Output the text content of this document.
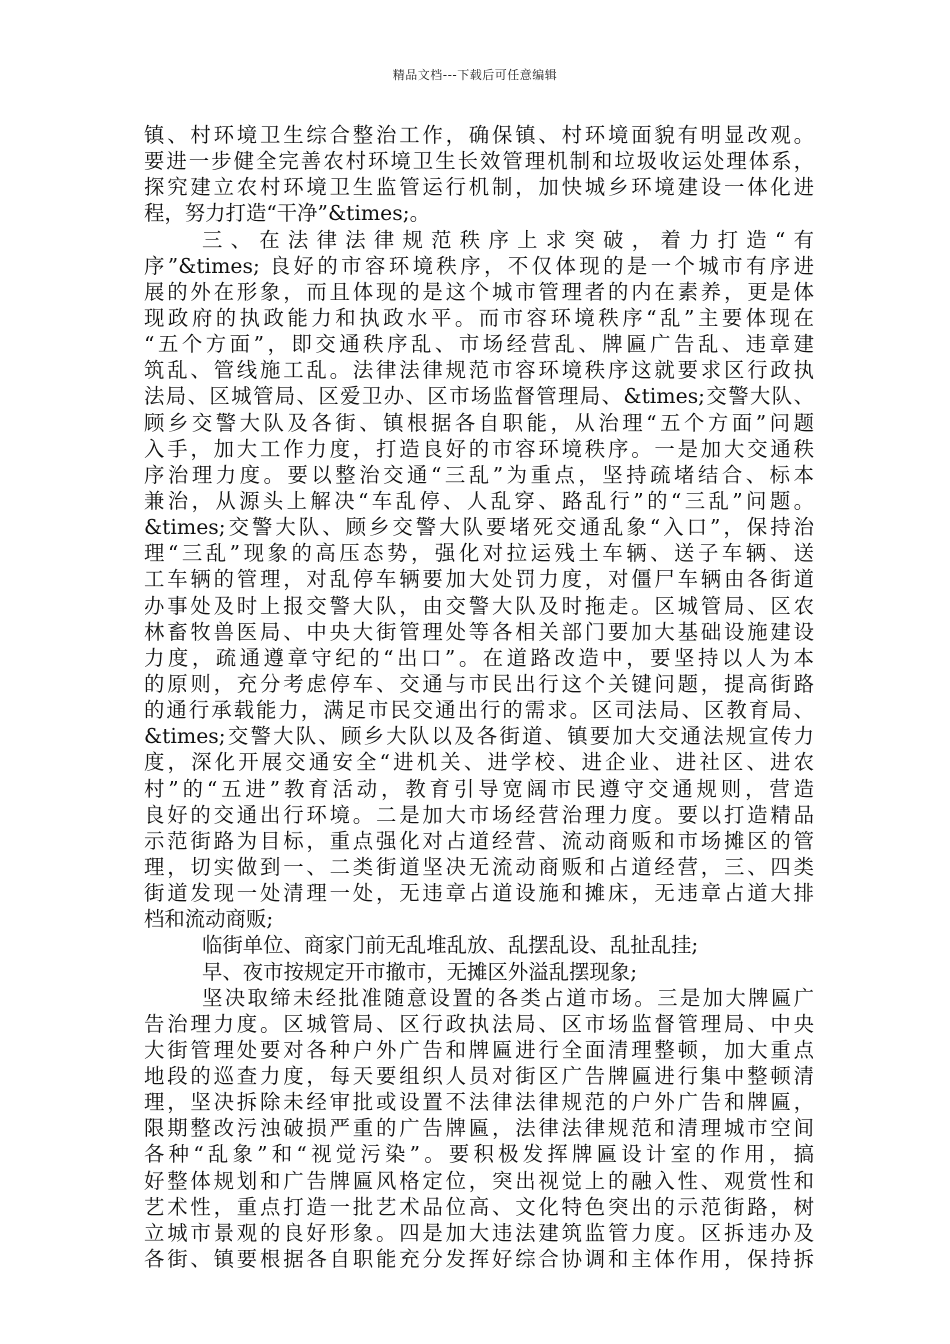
精品文档---下载后可任意编辑
镇、村环境卫生综合整治工作，确保镇、村环境面貌有明显改观。
要进一步健全完善农村环境卫生长效管理机制和垃圾收运处理体系，
探究建立农村环境卫生监管运行机制，加快城乡环境建设一体化进
程，努力打造“干净”&times;。
三、在法律法律规范秩序上求突破，着力打造“有
序”&times; 良好的市容环境秩序，不仅体现的是一个城市有序进
展的外在形象，而且体现的是这个城市管理者的内在素养，更是体
现政府的执政能力和执政水平。而市容环境秩序“乱”主要体现在
“五个方面”，即交通秩序乱、市场经营乱、牌匾广告乱、违章建
筑乱、管线施工乱。法律法律规范市容环境秩序这就要求区行政执
法局、区城管局、区爱卫办、区市场监督管理局、&times;交警大队、
顾乡交警大队及各街、镇根据各自职能，从治理“五个方面”问题
入手，加大工作力度，打造良好的市容环境秩序。一是加大交通秩
序治理力度。要以整治交通“三乱”为重点，坚持疏堵结合、标本
兼治，从源头上解决“车乱停、人乱穿、路乱行”的“三乱”问题。
&times;交警大队、顾乡交警大队要堵死交通乱象“入口”，保持治
理“三乱”现象的高压态势，强化对拉运残土车辆、送子车辆、送
工车辆的管理，对乱停车辆要加大处罚力度，对僵尸车辆由各街道
办事处及时上报交警大队，由交警大队及时拖走。区城管局、区农
林畜牧兽医局、中央大街管理处等各相关部门要加大基础设施建设
力度，疏通遵章守纪的“出口”。在道路改造中，要坚持以人为本
的原则，充分考虑停车、交通与市民出行这个关键问题，提高街路
的通行承载能力，满足市民交通出行的需求。区司法局、区教育局、
&times;交警大队、顾乡大队以及各街道、镇要加大交通法规宣传力
度，深化开展交通安全“进机关、进学校、进企业、进社区、进农
村”的“五进”教育活动，教育引导宽阔市民遵守交通规则，营造
良好的交通出行环境。二是加大市场经营治理力度。要以打造精品
示范街路为目标，重点强化对占道经营、流动商贩和市场摊区的管
理，切实做到一、二类街道坚决无流动商贩和占道经营，三、四类
街道发现一处清理一处，无违章占道设施和摊床，无违章占道大排
档和流动商贩;
临街单位、商家门前无乱堆乱放、乱摆乱设、乱扯乱挂;
早、夜市按规定开市撤市，无摊区外溢乱摆现象;
坚决取缔未经批准随意设置的各类占道市场。三是加大牌匾广
告治理力度。区城管局、区行政执法局、区市场监督管理局、中央
大街管理处要对各种户外广告和牌匾进行全面清理整顿，加大重点
地段的巡查力度，每天要组织人员对街区广告牌匾进行集中整顿清
理，坚决拆除未经审批或设置不法律法律规范的户外广告和牌匾，
限期整改污浊破损严重的广告牌匾，法律法律规范和清理城市空间
各种“乱象”和“视觉污染”。要积极发挥牌匾设计室的作用，搞
好整体规划和广告牌匾风格定位，突出视觉上的融入性、观赏性和
艺术性，重点打造一批艺术品位高、文化特色突出的示范街路，树
立城市景观的良好形象。四是加大违法建筑监管力度。区拆违办及
各街、镇要根据各自职能充分发挥好综合协调和主体作用，保持拆
